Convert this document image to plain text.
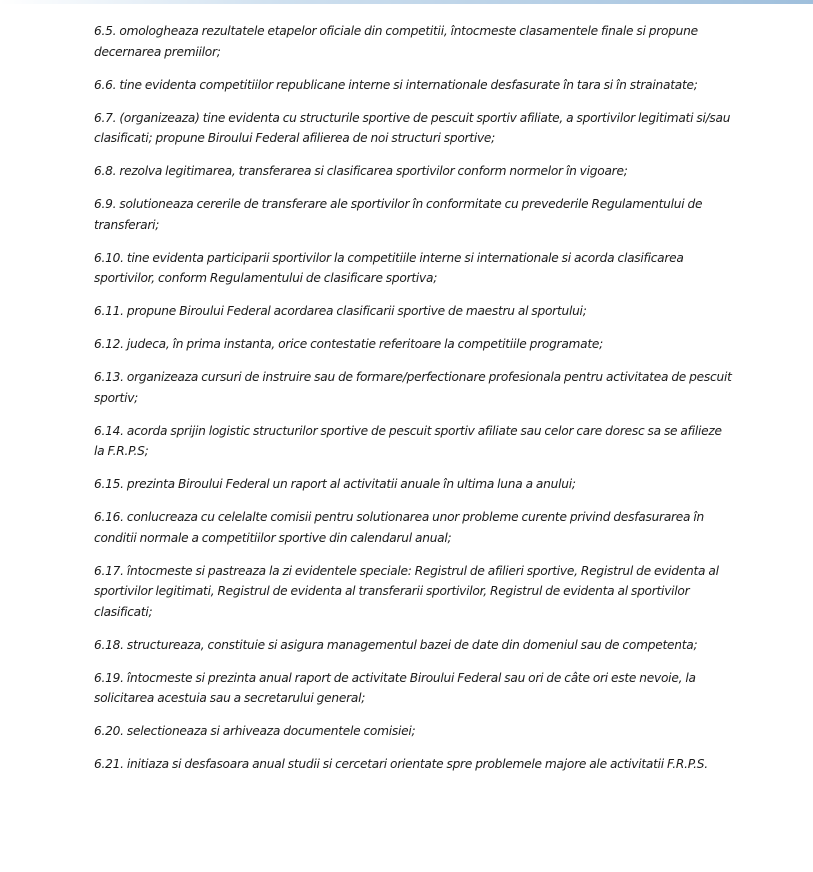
6.5. omologheaza rezultatele etapelor oficiale din competitii, întocmeste clasamentele finale si propune decernarea premiilor;

6.6. tine evidenta competitiilor republicane interne si internationale desfasurate în tara si în strainatate;

6.7. (organizeaza) tine evidenta cu structurile sportive de pescuit sportiv afiliate, a sportivilor legitimati si/sau clasificati; propune Biroului Federal afilierea de noi structuri sportive;

6.8. rezolva legitimarea, transferarea si clasificarea sportivilor conform normelor în vigoare;

6.9. solutioneaza cererile de transferare ale sportivilor în conformitate cu prevederile Regulamentului de transferari;

6.10. tine evidenta participarii sportivilor la competitiile interne si internationale si acorda clasificarea sportivilor, conform Regulamentului de clasificare sportiva;

6.11. propune Biroului Federal acordarea clasificarii sportive de maestru al sportului;

6.12. judeca, în prima instanta, orice contestatie referitoare la competitiile programate;

6.13. organizeaza cursuri de instruire sau de formare/perfectionare profesionala pentru activitatea de pescuit sportiv;

6.14. acorda sprijin logistic structurilor sportive de pescuit sportiv afiliate sau celor care doresc sa se afilieze la F.R.P.S;

6.15. prezinta Biroului Federal un raport al activitatii anuale în ultima luna a anului;

6.16. conlucreaza cu celelalte comisii pentru solutionarea unor probleme curente privind desfasurarea în conditii normale a competitiilor sportive din calendarul anual;

6.17. întocmeste si pastreaza la zi evidentele speciale: Registrul de afilieri sportive, Registrul de evidenta al sportivilor legitimati, Registrul de evidenta al transferarii sportivilor, Registrul de evidenta al sportivilor clasificati;

6.18. structureaza, constituie si asigura managementul bazei de date din domeniul sau de competenta;

6.19. întocmeste si prezinta anual raport de activitate Biroului Federal sau ori de câte ori este nevoie, la solicitarea acestuia sau a secretarului general;

6.20. selectioneaza si arhiveaza documentele comisiei;

6.21. initiaza si desfasoara anual studii si cercetari orientate spre problemele majore ale activitatii F.R.P.S.
